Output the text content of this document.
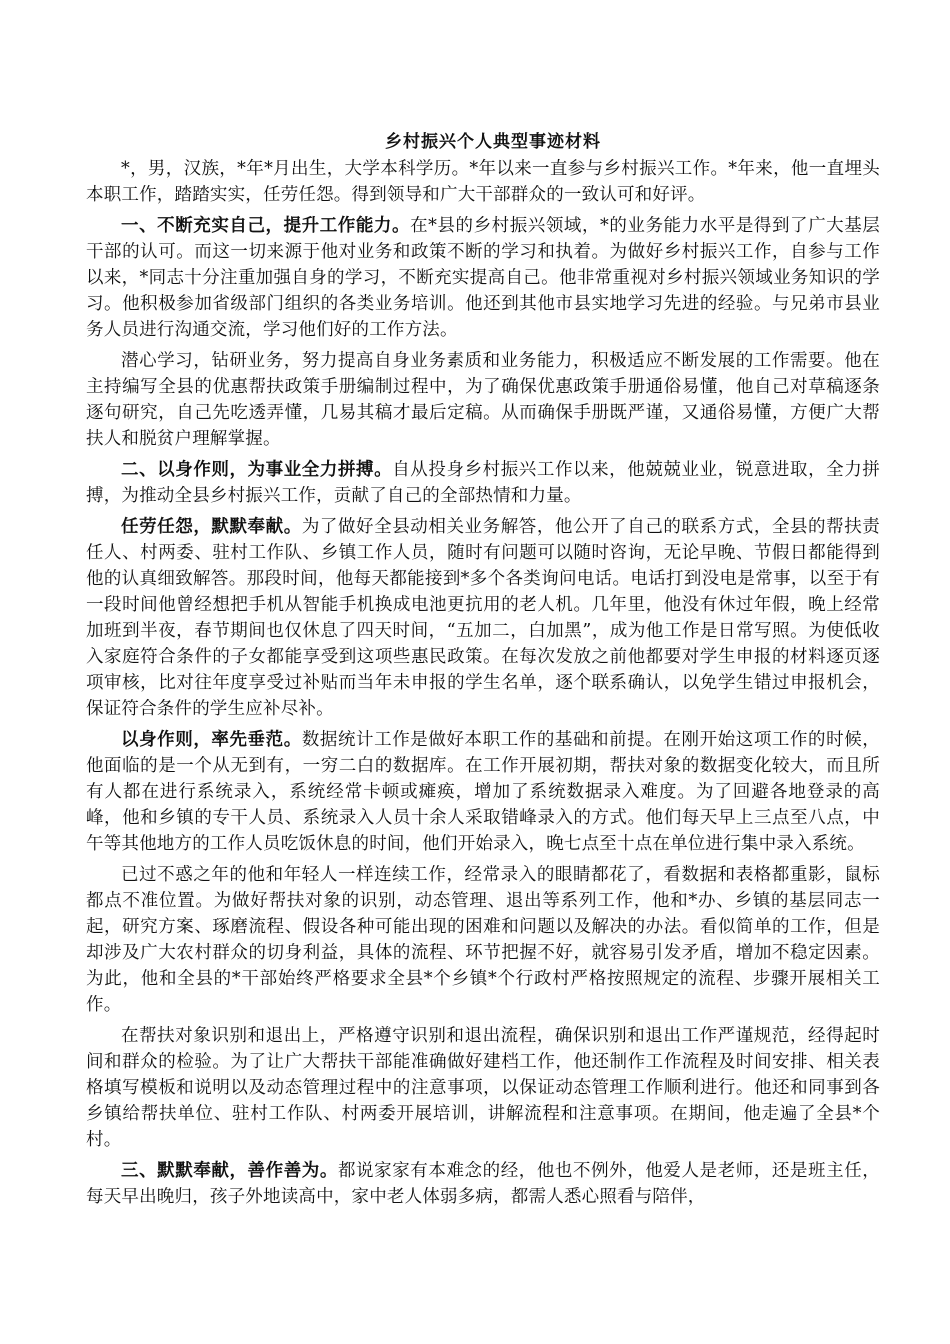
乡村振兴个人典型事迹材料

*，男，汉族，*年*月出生，大学本科学历。*年以来一直参与乡村振兴工作。*年来，他一直埋头本职工作，踏踏实实，任劳任怨。得到领导和广大干部群众的一致认可和好评。

一、不断充实自己，提升工作能力。在*县的乡村振兴领域，*的业务能力水平是得到了广大基层干部的认可。而这一切来源于他对业务和政策不断的学习和执着。为做好乡村振兴工作，自参与工作以来，*同志十分注重加强自身的学习，不断充实提高自己。他非常重视对乡村振兴领域业务知识的学习。他积极参加省级部门组织的各类业务培训。他还到其他市县实地学习先进的经验。与兄弟市县业务人员进行沟通交流，学习他们好的工作方法。

潜心学习，钻研业务，努力提高自身业务素质和业务能力，积极适应不断发展的工作需要。他在主持编写全县的优惠帮扶政策手册编制过程中，为了确保优惠政策手册通俗易懂，他自己对草稿逐条逐句研究，自己先吃透弄懂，几易其稿才最后定稿。从而确保手册既严谨，又通俗易懂，方便广大帮扶人和脱贫户理解掌握。

二、以身作则，为事业全力拼搏。自从投身乡村振兴工作以来，他兢兢业业，锐意进取，全力拼搏，为推动全县乡村振兴工作，贡献了自己的全部热情和力量。

任劳任怨，默默奉献。为了做好全县动相关业务解答，他公开了自己的联系方式，全县的帮扶责任人、村两委、驻村工作队、乡镇工作人员，随时有问题可以随时咨询，无论早晚、节假日都能得到他的认真细致解答。那段时间，他每天都能接到*多个各类询问电话。电话打到没电是常事，以至于有一段时间他曾经想把手机从智能手机换成电池更抗用的老人机。几年里，他没有休过年假，晚上经常加班到半夜，春节期间也仅休息了四天时间，“五加二，白加黑”，成为他工作是日常写照。为使低收入家庭符合条件的子女都能享受到这项些惠民政策。在每次发放之前他都要对学生申报的材料逐页逐项审核，比对往年度享受过补贴而当年未申报的学生名单，逐个联系确认，以免学生错过申报机会，保证符合条件的学生应补尽补。

以身作则，率先垂范。数据统计工作是做好本职工作的基础和前提。在刚开始这项工作的时候，他面临的是一个从无到有，一穷二白的数据库。在工作开展初期，帮扶对象的数据变化较大，而且所有人都在进行系统录入，系统经常卡顿或瘫痪，增加了系统数据录入难度。为了回避各地登录的高峰，他和乡镇的专干人员、系统录入人员十余人采取错峰录入的方式。他们每天早上三点至八点，中午等其他地方的工作人员吃饭休息的时间，他们开始录入，晚七点至十点在单位进行集中录入系统。

已过不惑之年的他和年轻人一样连续工作，经常录入的眼睛都花了，看数据和表格都重影，鼠标都点不准位置。为做好帮扶对象的识别，动态管理、退出等系列工作，他和*办、乡镇的基层同志一起，研究方案、琢磨流程、假设各种可能出现的困难和问题以及解决的办法。看似简单的工作，但是却涉及广大农村群众的切身利益，具体的流程、环节把握不好，就容易引发矛盾，增加不稳定因素。为此，他和全县的*干部始终严格要求全县*个乡镇*个行政村严格按照规定的流程、步骤开展相关工作。

在帮扶对象识别和退出上，严格遵守识别和退出流程，确保识别和退出工作严谨规范，经得起时间和群众的检验。为了让广大帮扶干部能准确做好建档工作，他还制作工作流程及时间安排、相关表格填写模板和说明以及动态管理过程中的注意事项，以保证动态管理工作顺利进行。他还和同事到各乡镇给帮扶单位、驻村工作队、村两委开展培训，讲解流程和注意事项。在期间，他走遍了全县*个村。

三、默默奉献，善作善为。都说家家有本难念的经，他也不例外，他爱人是老师，还是班主任，每天早出晚归，孩子外地读高中，家中老人体弱多病，都需人悉心照看与陪伴，
